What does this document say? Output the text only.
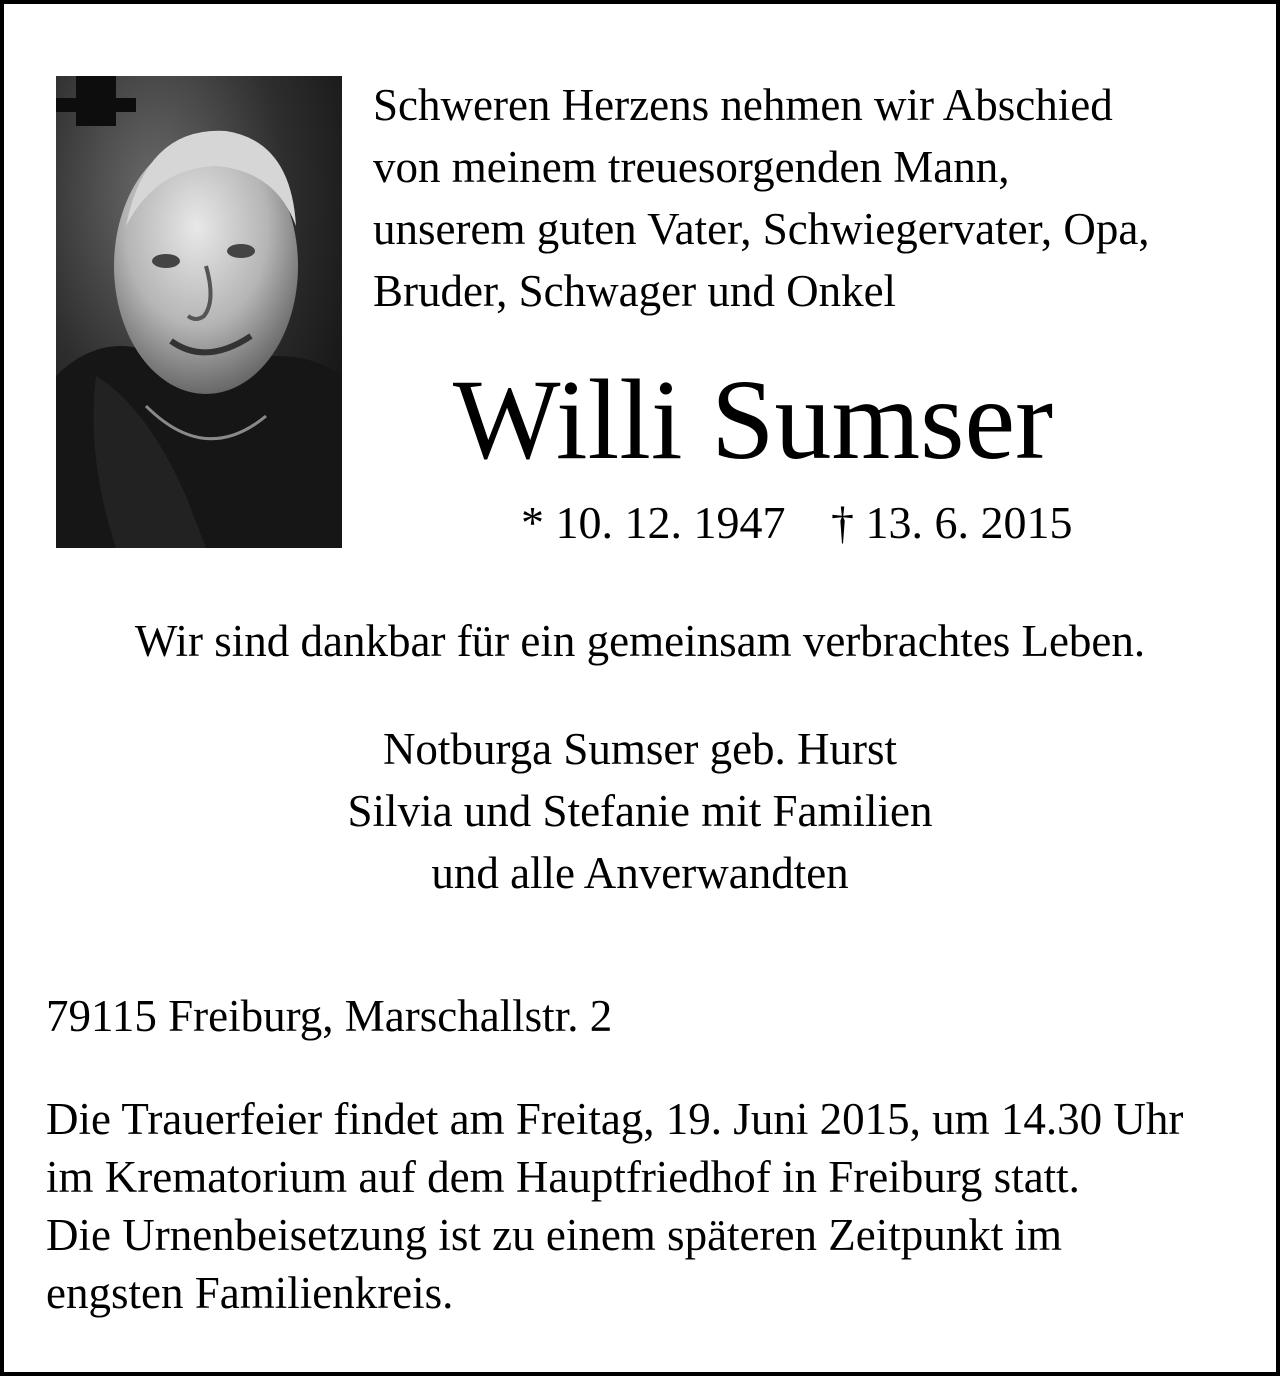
Schweren Herzens nehmen wir Abschied
von meinem treuesorgenden Mann,
unserem guten Vater, Schwiegervater, Opa,
Bruder, Schwager und Onkel
Willi Sumser
* 10. 12. 1947 † 13. 6. 2015
Wir sind dankbar für ein gemeinsam verbrachtes Leben.
Notburga Sumser geb. Hurst
Silvia und Stefanie mit Familien
und alle Anverwandten
79115 Freiburg, Marschallstr. 2
Die Trauerfeier findet am Freitag, 19. Juni 2015, um 14.30 Uhr
im Krematorium auf dem Hauptfriedhof in Freiburg statt.
Die Urnenbeisetzung ist zu einem späteren Zeitpunkt im
engsten Familienkreis.
